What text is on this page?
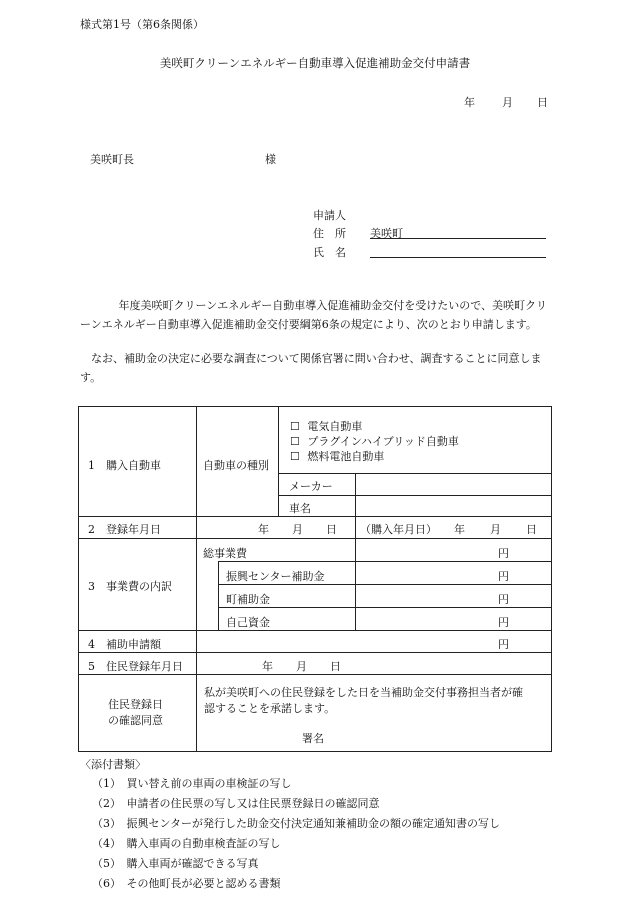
様式第1号（第6条関係）
美咲町クリーンエネルギー自動車導入促進補助金交付申請書
年 月 日
美咲町長	様
申請人
住　所 美咲町
氏　名
年度美咲町クリーンエネルギー自動車導入促進補助金交付を受けたいので、美咲町クリーンエネルギー自動車導入促進補助金交付要綱第6条の規定により、次のとおり申請します。
なお、補助金の決定に必要な調査について関係官署に問い合わせ、調査することに同意します。
1　購入自動車	自動車の種別
☐ 電気自動車
☐ プラグインハイブリッド自動車
☐ 燃料電池自動車
メーカー
車名
2　登録年月日	年 月 日 （購入年月日） 年 月 日
3　事業費の内訳
総事業費	円
振興センター補助金	円
町補助金	円
自己資金	円
4　補助申請額	円
5　住民登録年月日	年 月 日
住民登録日
の確認同意
私が美咲町への住民登録をした日を当補助金交付事務担当者が確
認することを承諾します。
署名
〈添付書類〉
（1）　買い替え前の車両の車検証の写し
（2）　申請者の住民票の写し又は住民票登録日の確認同意
（3）　振興センターが発行した助金交付決定通知兼補助金の額の確定通知書の写し
（4）　購入車両の自動車検査証の写し
（5）　購入車両が確認できる写真
（6）　その他町長が必要と認める書類
